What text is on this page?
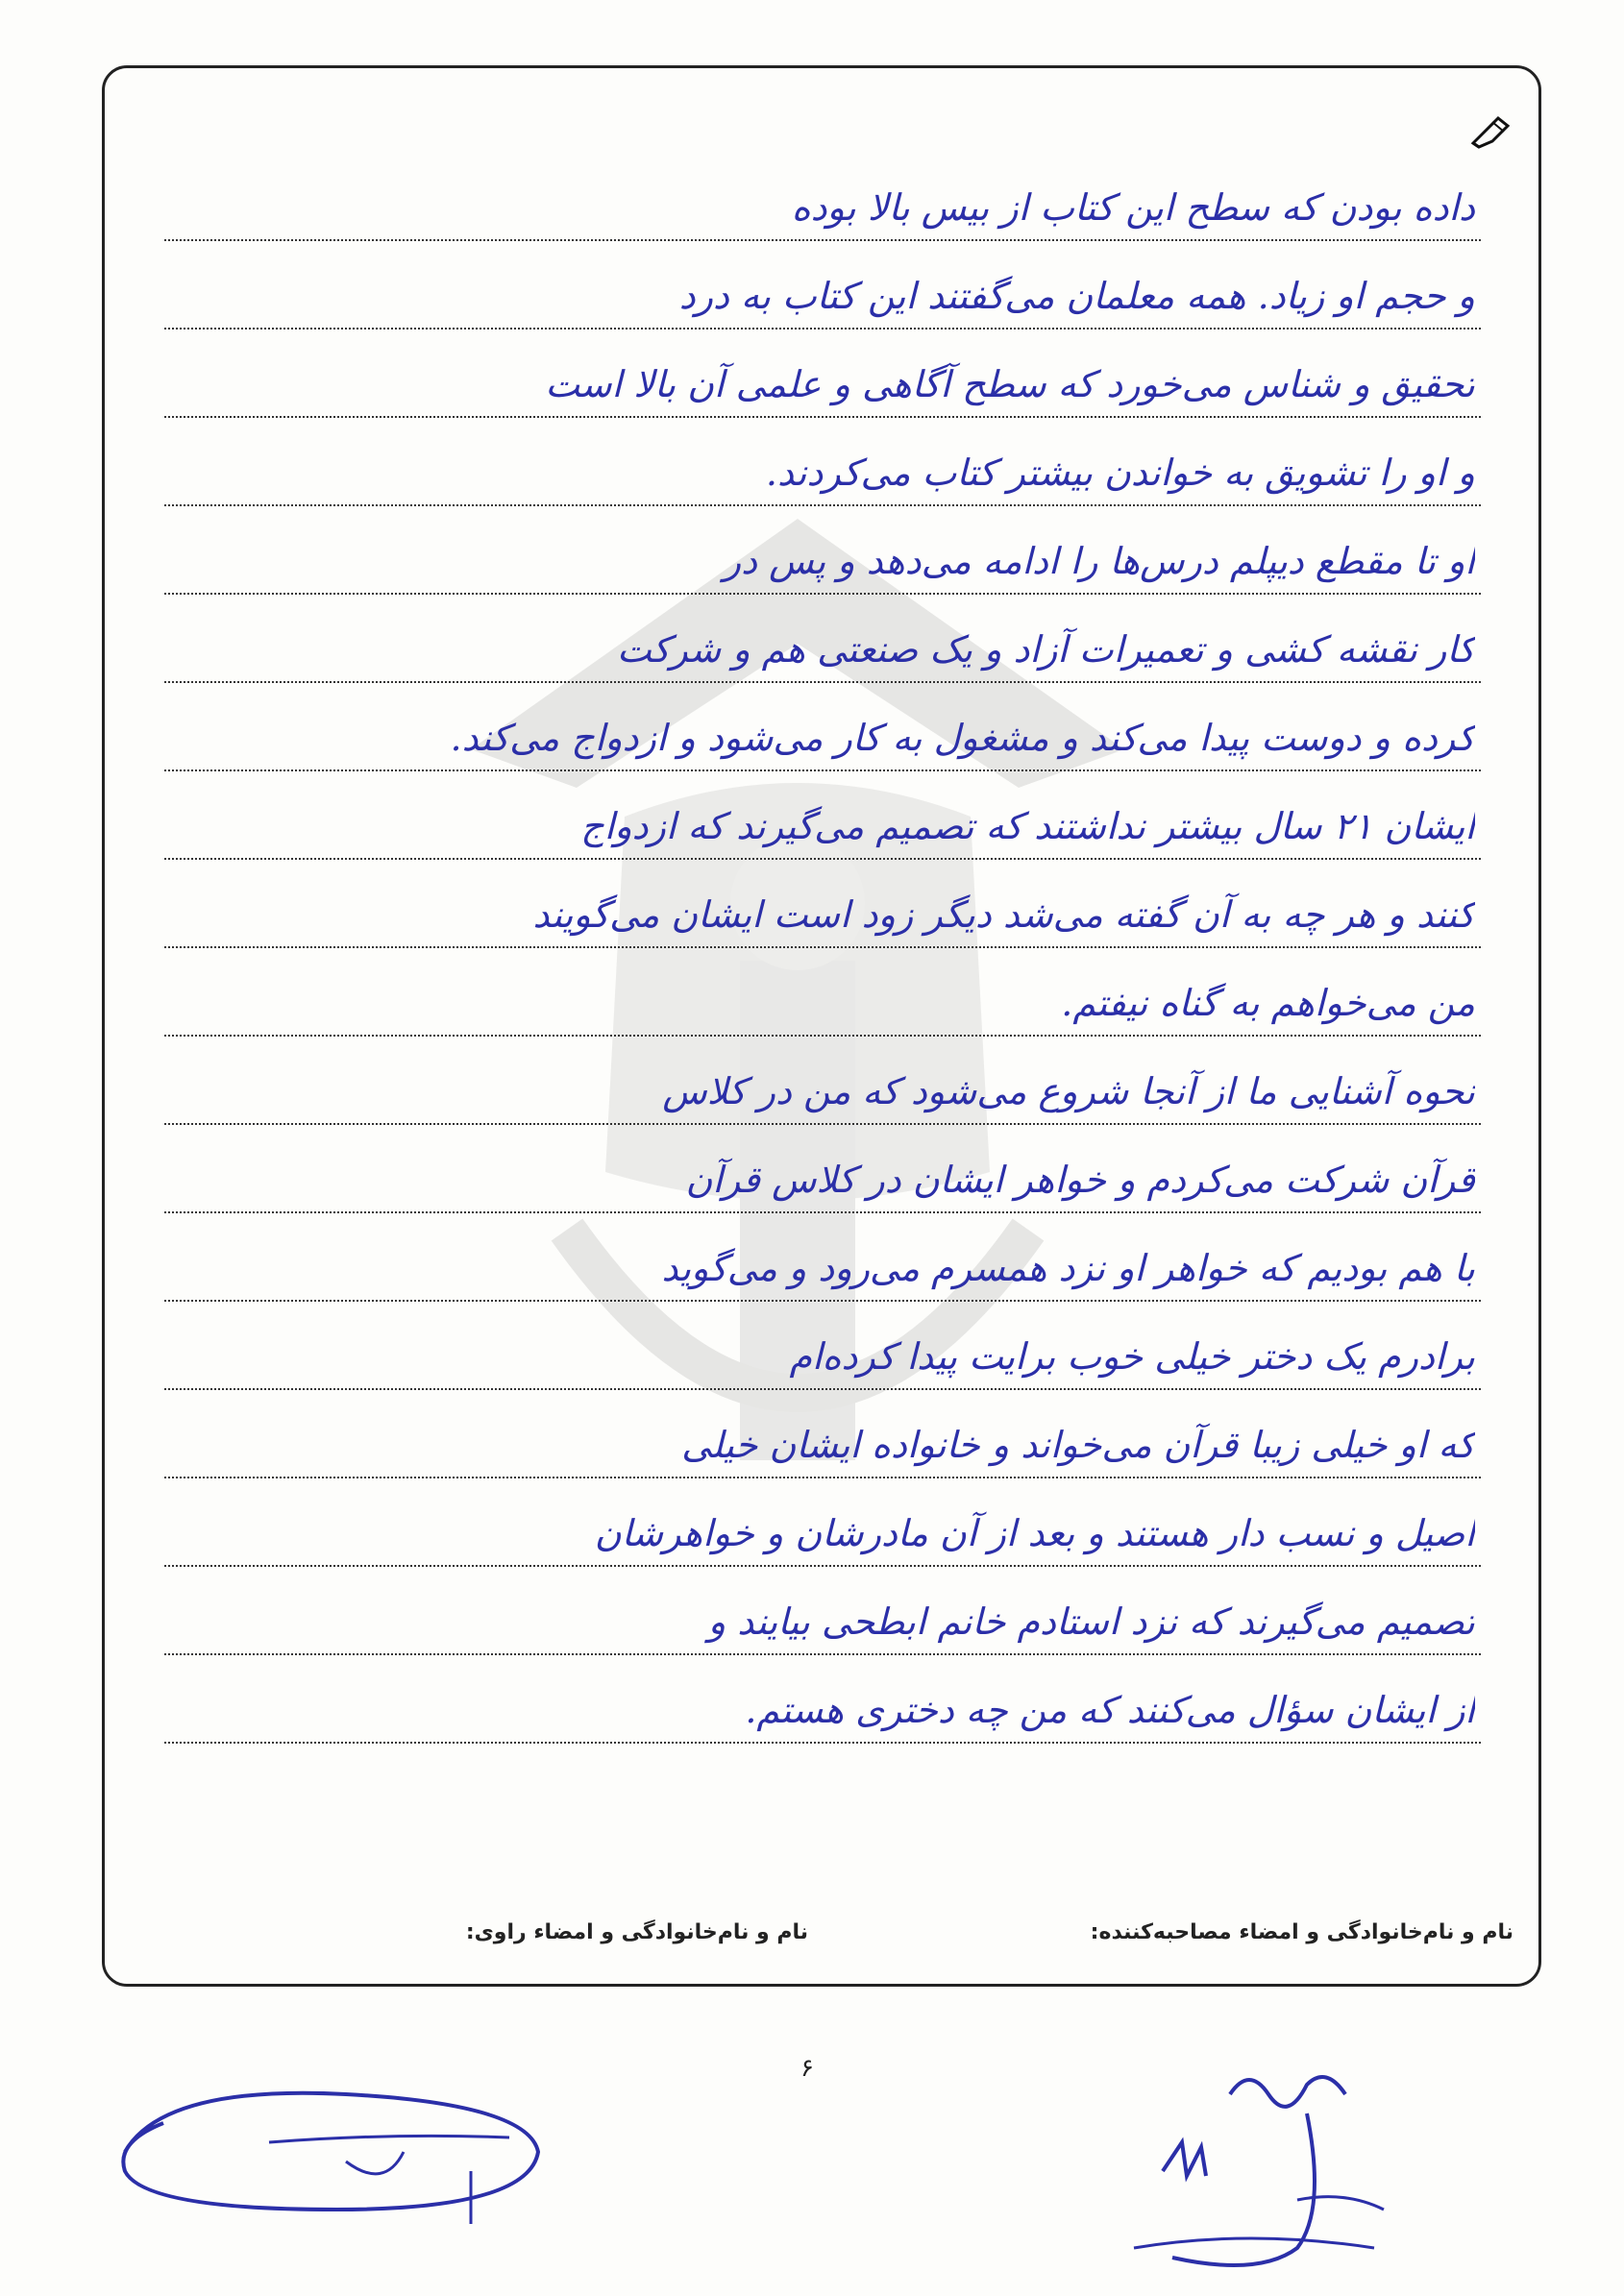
داده بودن که سطح این کتاب از بیس بالا بوده
و حجم او زیاد. همه معلمان می‌گفتند این کتاب به درد
تحقیق و شناس می‌خورد که سطح آگاهی و علمی آن بالا است
و او را تشویق به خواندن بیشتر کتاب می‌کردند.
او تا مقطع دیپلم درس‌ها را ادامه می‌دهد و پس در
کار نقشه کشی و تعمیرات آزاد و یک صنعتی هم و شرکت
کرده و دوست پیدا می‌کند و مشغول به کار می‌شود و ازدواج می‌کند.
ایشان ۲۱ سال بیشتر نداشتند که تصمیم می‌گیرند که ازدواج
کنند و هر چه به آن گفته می‌شد دیگر زود است ایشان می‌گویند
من می‌خواهم به گناه نیفتم.
نحوه آشنایی ما از آنجا شروع می‌شود که من در کلاس
قرآن شرکت می‌کردم و خواهر ایشان در کلاس قرآن
با هم بودیم که خواهر او نزد همسرم می‌رود و می‌گوید
برادرم یک دختر خیلی خوب برایت پیدا کرده‌ام
که او خیلی زیبا قرآن می‌خواند و خانواده ایشان خیلی
اصیل و نسب دار هستند و بعد از آن مادرشان و خواهرشان
تصمیم می‌گیرند که نزد استادم خانم ابطحی بیایند و
از ایشان سؤال می‌کنند که من چه دختری هستم.
نام و نام‌خانوادگی و امضاء مصاحبه‌کننده:
نام و نام‌خانوادگی و امضاء راوی:
۶
